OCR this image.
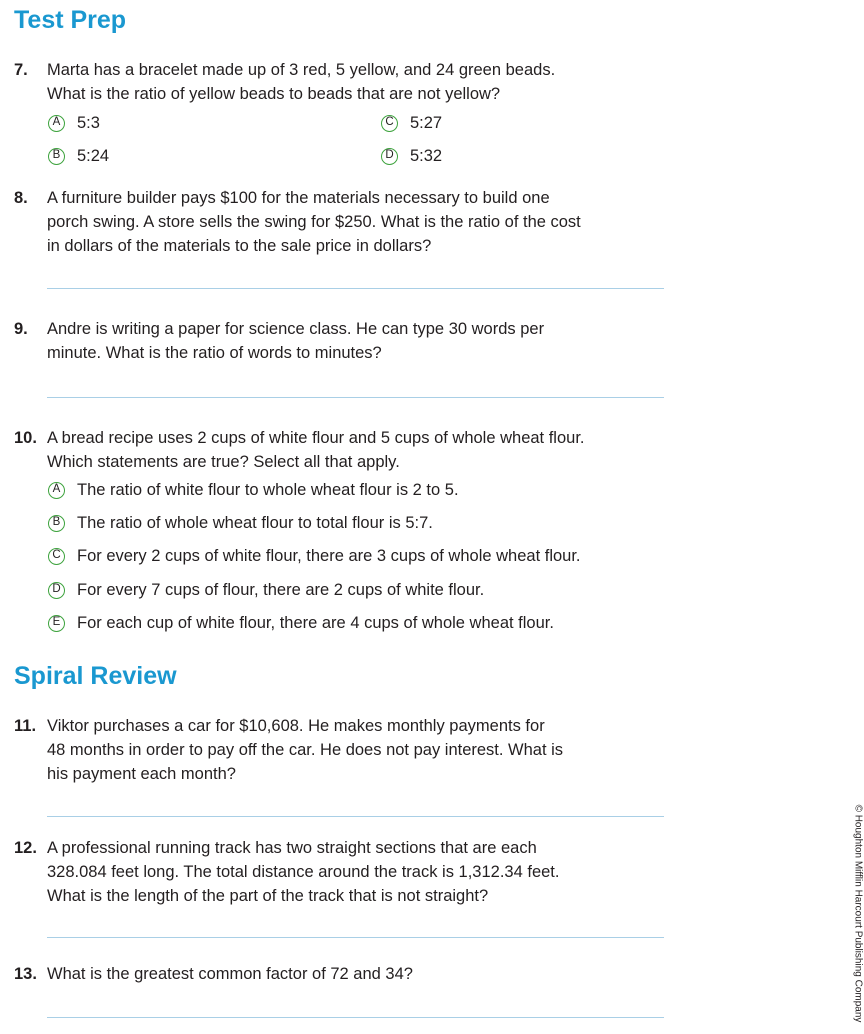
Test Prep
7. Marta has a bracelet made up of 3 red, 5 yellow, and 24 green beads.
What is the ratio of yellow beads to beads that are not yellow?
A 5:3	C 5:27
B 5:24	D 5:32
8. A furniture builder pays $100 for the materials necessary to build one
porch swing. A store sells the swing for $250. What is the ratio of the cost
in dollars of the materials to the sale price in dollars?
9. Andre is writing a paper for science class. He can type 30 words per
minute. What is the ratio of words to minutes?
10. A bread recipe uses 2 cups of white flour and 5 cups of whole wheat flour.
Which statements are true? Select all that apply.
A The ratio of white flour to whole wheat flour is 2 to 5.
B The ratio of whole wheat flour to total flour is 5:7.
C For every 2 cups of white flour, there are 3 cups of whole wheat flour.
D For every 7 cups of flour, there are 2 cups of white flour.
E For each cup of white flour, there are 4 cups of whole wheat flour.
Spiral Review
11. Viktor purchases a car for $10,608. He makes monthly payments for
48 months in order to pay off the car. He does not pay interest. What is
his payment each month?
12. A professional running track has two straight sections that are each
328.084 feet long. The total distance around the track is 1,312.34 feet.
What is the length of the part of the track that is not straight?
13. What is the greatest common factor of 72 and 34?	© Houghton Mifflin Harcourt Publishing Company
